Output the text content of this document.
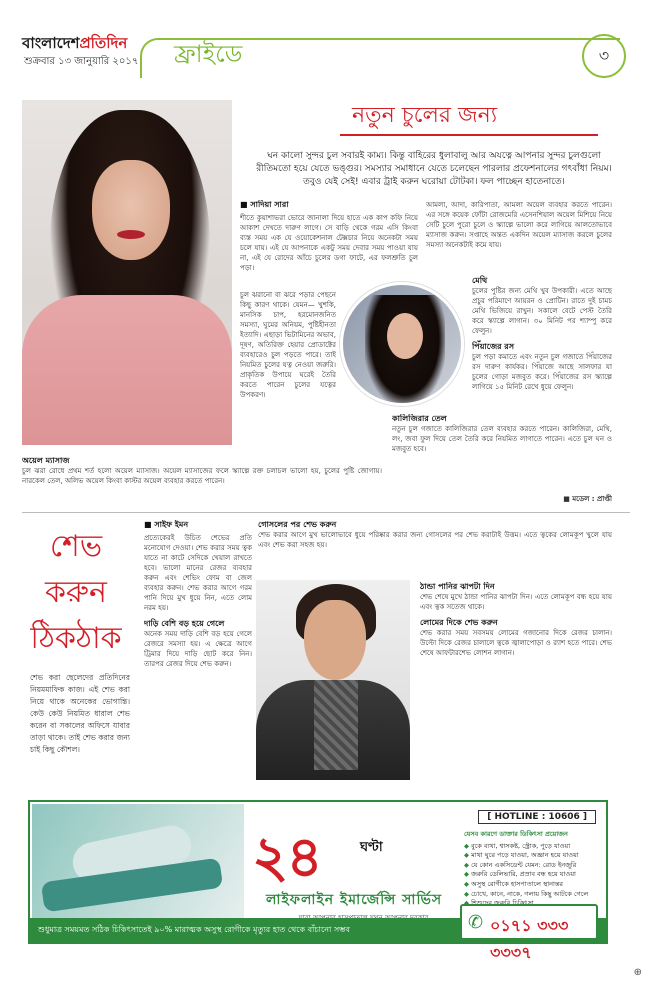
বাংলাদেশপ্রতিদিন
শুক্রবার ১৩ জানুয়ারি ২০১৭ ফ্রাইডে	৩
নতুন চুলের জন্য
ঘন কালো সুন্দর চুল সবারই কাম্য। কিন্তু বাহিরের ধুলাবালু আর অযত্নে আপনার সুন্দর চুলগুলো রীতিমতো হয়ে যেতে ভঙ্গুর। সমস্যার সমাধানে যেতে চলেছেন পারলার প্রফেশনালের গৎবাঁধা নিয়ম। তবুও যেই সেই! এবার ট্রাই করুন ঘরোয়া টোটকা। ফল পাচ্ছেন হাতেনাতে।
■ সাদিয়া সারা
শীতে কুয়াশাভরা ভোরে জানালা দিয়ে হাতে এক কাপ কফি নিয়ে আকাশ দেখতে দারুণ লাগে। সে বাড়ি থেকে গরম এসি কিংবা ব্যস্ত সময় এক যে ওয়োকেশনাল টেক্সচার নিয়ে অনেকটা সময় চলে যায়। এই যে আপনাকে একটু সময় দেবার সময় পাওয়া যায় না, এই যে রোদের আঁচে চুলের ডগা ফাটে, এর ফলশ্রুতি চুল পড়া।
চুল ঝরানো বা ঝরে পড়ার পেছনে কিছু কারণ থাকে। যেমন— খুশকি, মানসিক চাপ, হরমোনজনিত সমস্যা, ঘুমের অনিয়ম, পুষ্টিহীনতা ইত্যাদি। এছাড়া ভিটামিনের অভাব, দূষণ, অতিরিক্ত হেয়ার প্রোডাক্টের ব্যবহারেও চুল পড়তে পারে। তাই নিয়মিত চুলের যত্ন নেওয়া জরুরি। প্রাকৃতিক উপায়ে ঘরেই তৈরি করতে পারেন চুলের যত্নের উপকরণ।
অয়েল ম্যাসাজ
চুল ঝরা রোধে প্রথম শর্ত হলো অয়েল ম্যাসাজ। অয়েল ম্যাসাজের ফলে স্ক্যাল্পে রক্ত চলাচল ভালো হয়, চুলের পুষ্টি জোগায়। নারকেল তেল, অলিভ অয়েল কিংবা কাস্টর অয়েল ব্যবহার করতে পারেন।
আমলা, আদা, কারিপাতা, আমলা অয়েল ব্যবহার করতে পারেন। এর সঙ্গে কয়েক ফোঁটা রোজমেরি এসেনশিয়াল অয়েল মিশিয়ে নিয়ে সেটি চুলে পুরো চুলে ও স্ক্যাল্পে ভালো করে লাগিয়ে আলতোভাবে ম্যাসাজ করুন। সপ্তাহে অন্তত একদিন অয়েল ম্যাসাজ করলে চুলের সমস্যা অনেকটাই কমে যায়।
মেথি
চুলের পুষ্টির জন্য মেথি খুব উপকারী। এতে আছে প্রচুর পরিমাণে আয়রন ও প্রোটিন। রাতে দুই চামচ মেথি ভিজিয়ে রাখুন। সকালে বেটে পেস্ট তৈরি করে স্ক্যাল্পে লাগান। ৩০ মিনিট পর শ্যাম্পু করে ফেলুন।
পিঁয়াজের রস
চুল পড়া কমাতে এবং নতুন চুল গজাতে পিঁয়াজের রস দারুণ কার্যকর। পিঁয়াজে আছে সালফার যা চুলের গোড়া মজবুত করে। পিঁয়াজের রস স্ক্যাল্পে লাগিয়ে ১৫ মিনিট রেখে ধুয়ে ফেলুন।
কালিজিরার তেল
নতুন চুল গজাতে কালিজিরার তেল ব্যবহার করতে পারেন। কালিজিরা, মেথি, লং, জবা ফুল দিয়ে তেল তৈরি করে নিয়মিত লাগাতে পারেন। এতে চুল ঘন ও মজবুত হবে।
■ মডেল : প্রাপ্তী
শেভ
করুন
ঠিকঠাক
শেভ করা ছেলেদের প্রতিদিনের নিয়মমাফিক কাজ। এই শেভ করা নিয়ে থাকে অনেকের ভোগান্তি। কেউ কেউ নিয়মিত ধারাল শেভ করেন বা সকালের অফিসে যাবার তাড়া থাকে। তাই শেভ করার জন্য চাই কিছু কৌশল।
■ সাইফ ইমন
প্রত্যেকেরই উচিত শেভের প্রতি মনোযোগ দেওয়া। শেভ করার সময় ত্বক যাতে না কাটে সেদিকে খেয়াল রাখতে হবে। ভালো মানের রেজর ব্যবহার করুন এবং শেভিং ফোম বা জেল ব্যবহার করুন। শেভ করার আগে গরম পানি দিয়ে মুখ ধুয়ে নিন, এতে লোম নরম হয়।
দাড়ি বেশি বড় হয়ে গেলে
অনেক সময় দাড়ি বেশি বড় হয়ে গেলে রেজরে সমস্যা হয়। এ ক্ষেত্রে আগে ট্রিমার দিয়ে দাড়ি ছোট করে নিন। তারপর রেজর দিয়ে শেভ করুন।
গোসলের পর শেভ করুন
শেভ করার আগে মুখ ভালোভাবে ধুয়ে পরিষ্কার করার জন্য গোসলের পর শেভ করাটাই উত্তম। এতে ত্বকের লোমকূপ খুলে যায় এবং শেভ করা সহজ হয়।
ঠান্ডা পানির ঝাপটা দিন
শেভ শেষে মুখে ঠান্ডা পানির ঝাপটা দিন। এতে লোমকূপ বন্ধ হয়ে যায় এবং ত্বক সতেজ থাকে।
লোমের দিকে শেভ করুন
শেভ করার সময় সবসময় লোমের গজানোর দিকে রেজর চালান। উল্টো দিকে রেজর চালালে ত্বকে জ্বালাপোড়া ও র‍্যাশ হতে পারে। শেভ শেষে আফটারশেভ লোশন লাগান।
[ HOTLINE : 10606 ]
২৪	ঘণ্টা
লাইফলাইন ইমার্জেন্সি সার্ভিস
যেসব কারণে ডাক্তার ডিকিৎসা প্রয়োজন
◆ বুকে ব্যথা, শ্বাসকষ্ট, স্ট্রোক, পুড়ে যাওয়া
◆ মাথা ঘুরে পড়ে যাওয়া, অজ্ঞান হয়ে যাওয়া
◆ যে কোন একসিডেন্ট যেমন: রোড ইনজুরি
◆ জরুরি ডেলিভারি, প্রস্রাব বন্ধ হয়ে যাওয়া
◆ অসুস্থ রোগীকে হাসপাতালে স্থানান্তর
◆ চোখে, কানে, নাকে, গলায় কিছু আটকে গেলে
◆
শুধুমাত্র সময়মত সঠিক চিকিৎসাতেই ৯০% মারাত্মক অসুস্থ রোগীকে মৃত্যুর হাত থেকে বাঁচানো সম্ভব	✆ ০১৭১ ৩৩৩ ৩৩৩৭
⊕
